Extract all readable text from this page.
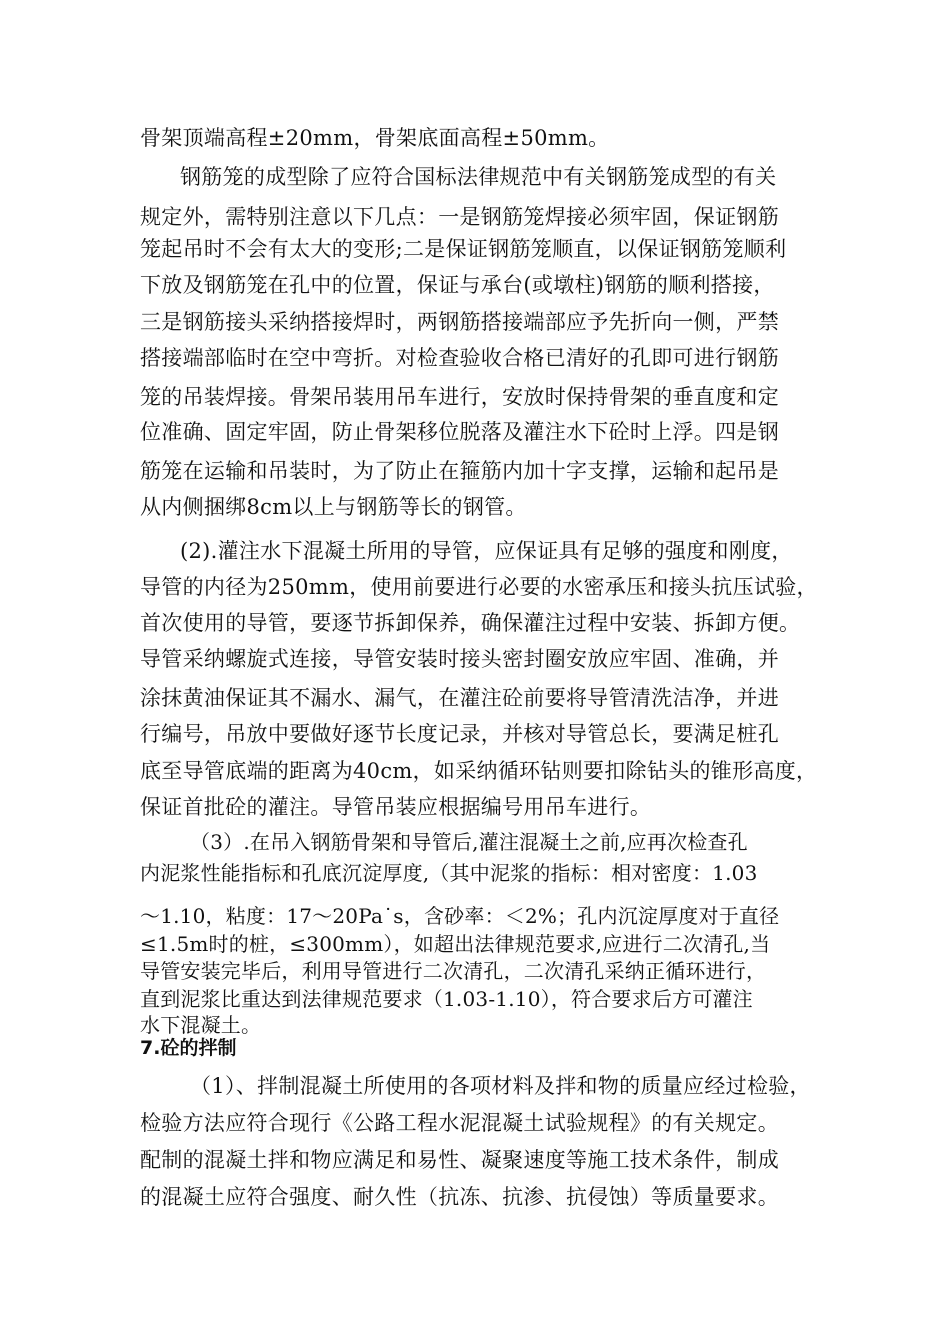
骨架顶端高程±20mm，骨架底面高程±50mm。
钢筋笼的成型除了应符合国标法律规范中有关钢筋笼成型的有关
规定外，需特别注意以下几点：一是钢筋笼焊接必须牢固，保证钢筋
笼起吊时不会有太大的变形;二是保证钢筋笼顺直，以保证钢筋笼顺利
下放及钢筋笼在孔中的位置，保证与承台(或墩柱)钢筋的顺利搭接，
三是钢筋接头采纳搭接焊时，两钢筋搭接端部应予先折向一侧，严禁
搭接端部临时在空中弯折。对检查验收合格已清好的孔即可进行钢筋
笼的吊装焊接。骨架吊装用吊车进行，安放时保持骨架的垂直度和定
位准确、固定牢固，防止骨架移位脱落及灌注水下砼时上浮。四是钢
筋笼在运输和吊装时，为了防止在箍筋内加十字支撑，运输和起吊是
从内侧捆绑8cm以上与钢筋等长的钢管。
(2).灌注水下混凝土所用的导管，应保证具有足够的强度和刚度，
导管的内径为250mm，使用前要进行必要的水密承压和接头抗压试验，
首次使用的导管，要逐节拆卸保养，确保灌注过程中安装、拆卸方便。
导管采纳螺旋式连接，导管安装时接头密封圈安放应牢固、准确，并
涂抹黄油保证其不漏水、漏气，在灌注砼前要将导管清洗洁净，并进
行编号，吊放中要做好逐节长度记录，并核对导管总长，要满足桩孔
底至导管底端的距离为40cm，如采纳循环钻则要扣除钻头的锥形高度，
保证首批砼的灌注。导管吊装应根据编号用吊车进行。
（3）.在吊入钢筋骨架和导管后,灌注混凝土之前,应再次检查孔
内泥浆性能指标和孔底沉淀厚度,（其中泥浆的指标：相对密度：1.03
～1.10，粘度：17～20Pa˙s，含砂率：＜2%；孔内沉淀厚度对于直径
≤1.5m时的桩，≤300mm），如超出法律规范要求,应进行二次清孔,当
导管安装完毕后，利用导管进行二次清孔，二次清孔采纳正循环进行，
直到泥浆比重达到法律规范要求（1.03-1.10），符合要求后方可灌注
水下混凝土。
7.砼的拌制
（1）、拌制混凝土所使用的各项材料及拌和物的质量应经过检验，
检验方法应符合现行《公路工程水泥混凝土试验规程》的有关规定。
配制的混凝土拌和物应满足和易性、凝聚速度等施工技术条件，制成
的混凝土应符合强度、耐久性（抗冻、抗渗、抗侵蚀）等质量要求。
